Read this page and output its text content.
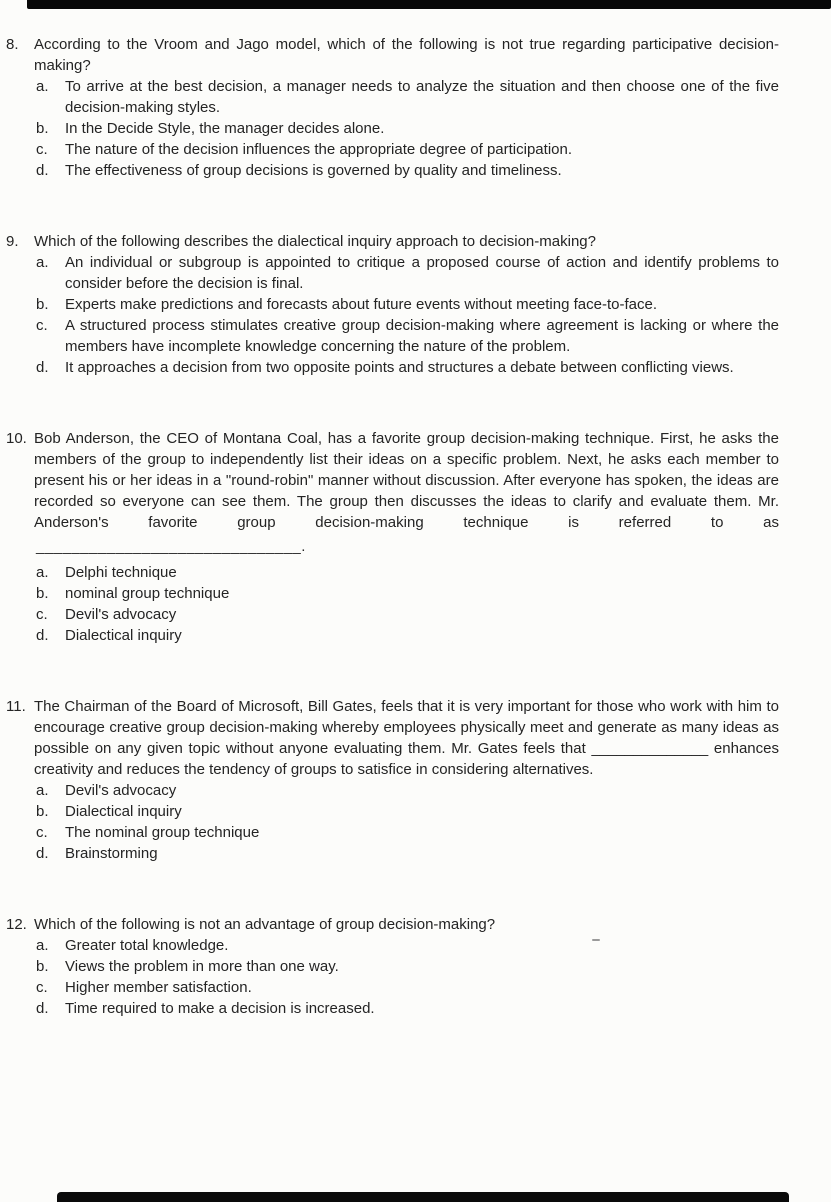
8.	According to the Vroom and Jago model, which of the following is not true regarding participative decision-making?
a.	To arrive at the best decision, a manager needs to analyze the situation and then choose one of the five decision-making styles.
b.	In the Decide Style, the manager decides alone.
c.	The nature of the decision influences the appropriate degree of participation.
d.	The effectiveness of group decisions is governed by quality and timeliness.
9.	Which of the following describes the dialectical inquiry approach to decision-making?
a.	An individual or subgroup is appointed to critique a proposed course of action and identify problems to consider before the decision is final.
b.	Experts make predictions and forecasts about future events without meeting face-to-face.
c.	A structured process stimulates creative group decision-making where agreement is lacking or where the members have incomplete knowledge concerning the nature of the problem.
d.	It approaches a decision from two opposite points and structures a debate between conflicting views.
10. Bob Anderson, the CEO of Montana Coal, has a favorite group decision-making technique. First, he asks the members of the group to independently list their ideas on a specific problem. Next, he asks each member to present his or her ideas in a "round-robin" manner without discussion. After everyone has spoken, the ideas are recorded so everyone can see them. The group then discusses the ideas to clarify and evaluate them. Mr. Anderson's favorite group decision-making technique is referred to as
______________________________.
a.	Delphi technique
b.	nominal group technique
c.	Devil's advocacy
d.	Dialectical inquiry
11. The Chairman of the Board of Microsoft, Bill Gates, feels that it is very important for those who work with him to encourage creative group decision-making whereby employees physically meet and generate as many ideas as possible on any given topic without anyone evaluating them. Mr. Gates feels that ______________ enhances creativity and reduces the tendency of groups to satisfice in considering alternatives.
a.	Devil's advocacy
b.	Dialectical inquiry
c.	The nominal group technique
d.	Brainstorming
12. Which of the following is not an advantage of group decision-making?
a.	Greater total knowledge.
b.	Views the problem in more than one way.
c.	Higher member satisfaction.
d.	Time required to make a decision is increased.
